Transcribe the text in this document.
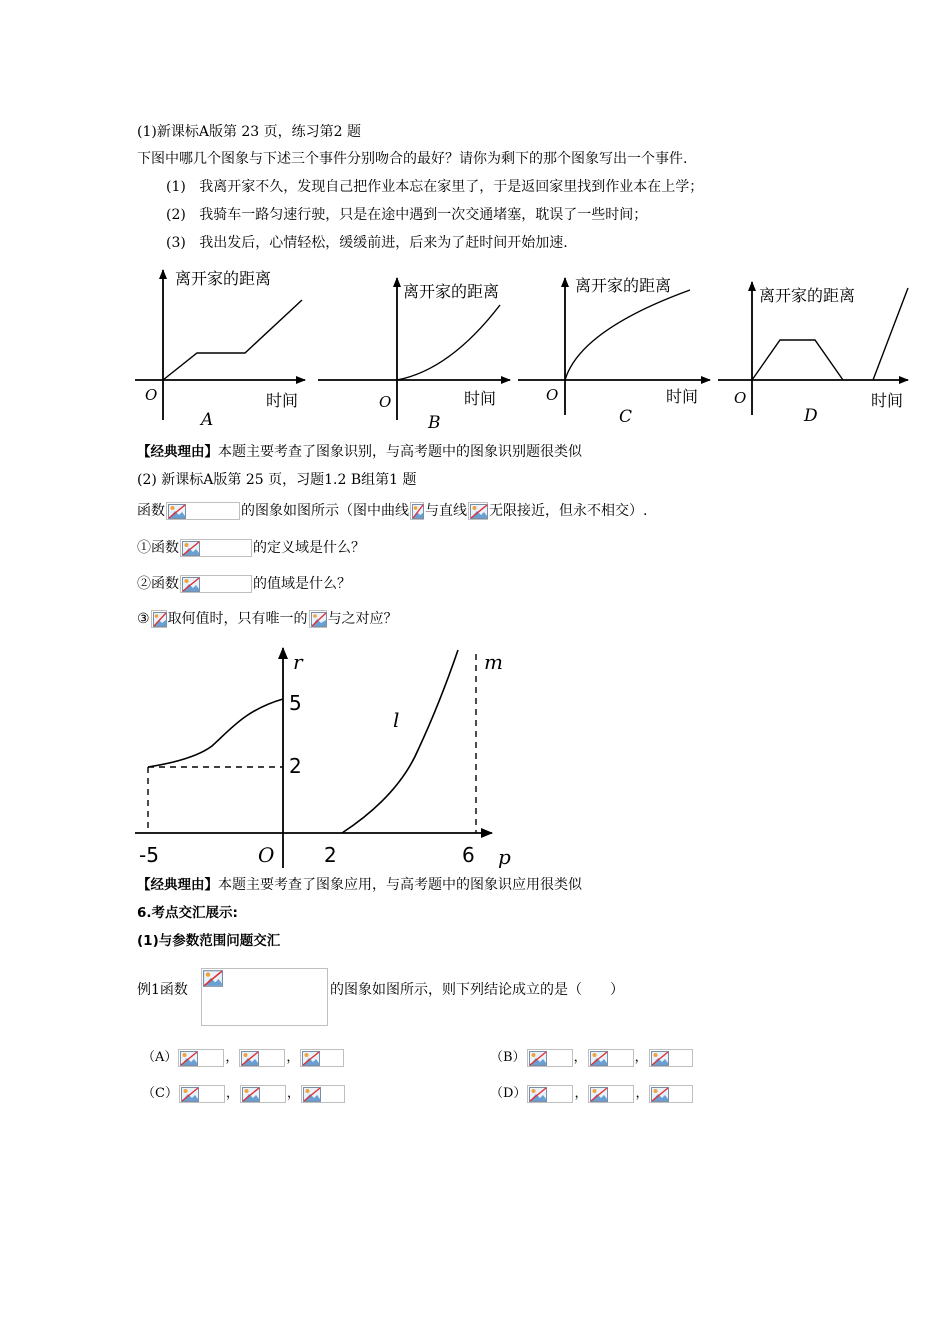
(1)新课标A版第 23 页，练习第2 题
下图中哪几个图象与下述三个事件分别吻合的最好？请你为剩下的那个图象写出一个事件.
(1) 我离开家不久，发现自己把作业本忘在家里了，于是返回家里找到作业本在上学；
(2) 我骑车一路匀速行驶，只是在途中遇到一次交通堵塞，耽误了一些时间；
(3) 我出发后，心情轻松，缓缓前进，后来为了赶时间开始加速.
离开家的距离
时间
O
A
离开家的距离
时间
O
B
离开家的距离
时间
O
C
离开家的距离
时间
O
D
【经典理由】本题主要考查了图象识别，与高考题中的图象识别题很类似
(2) 新课标A版第 25 页，习题1.2 B组第1 题
函数	的图象如图所示（图中曲线 与直线 无限接近，但永不相交）.
①函数	的定义域是什么？
②函数	的值域是什么？
③ 取何值时，只有唯一的 与之对应？
r	m
l
5
2
-5	O 2	6 p
【经典理由】本题主要考查了图象应用，与高考题中的图象识应用很类似
6.考点交汇展示:
(1)与参数范围问题交汇
例1函数	的图象如图所示，则下列结论成立的是（　　）
（A）	，	，	（B）	，	，
（C）	，	，	（D）	，	，
